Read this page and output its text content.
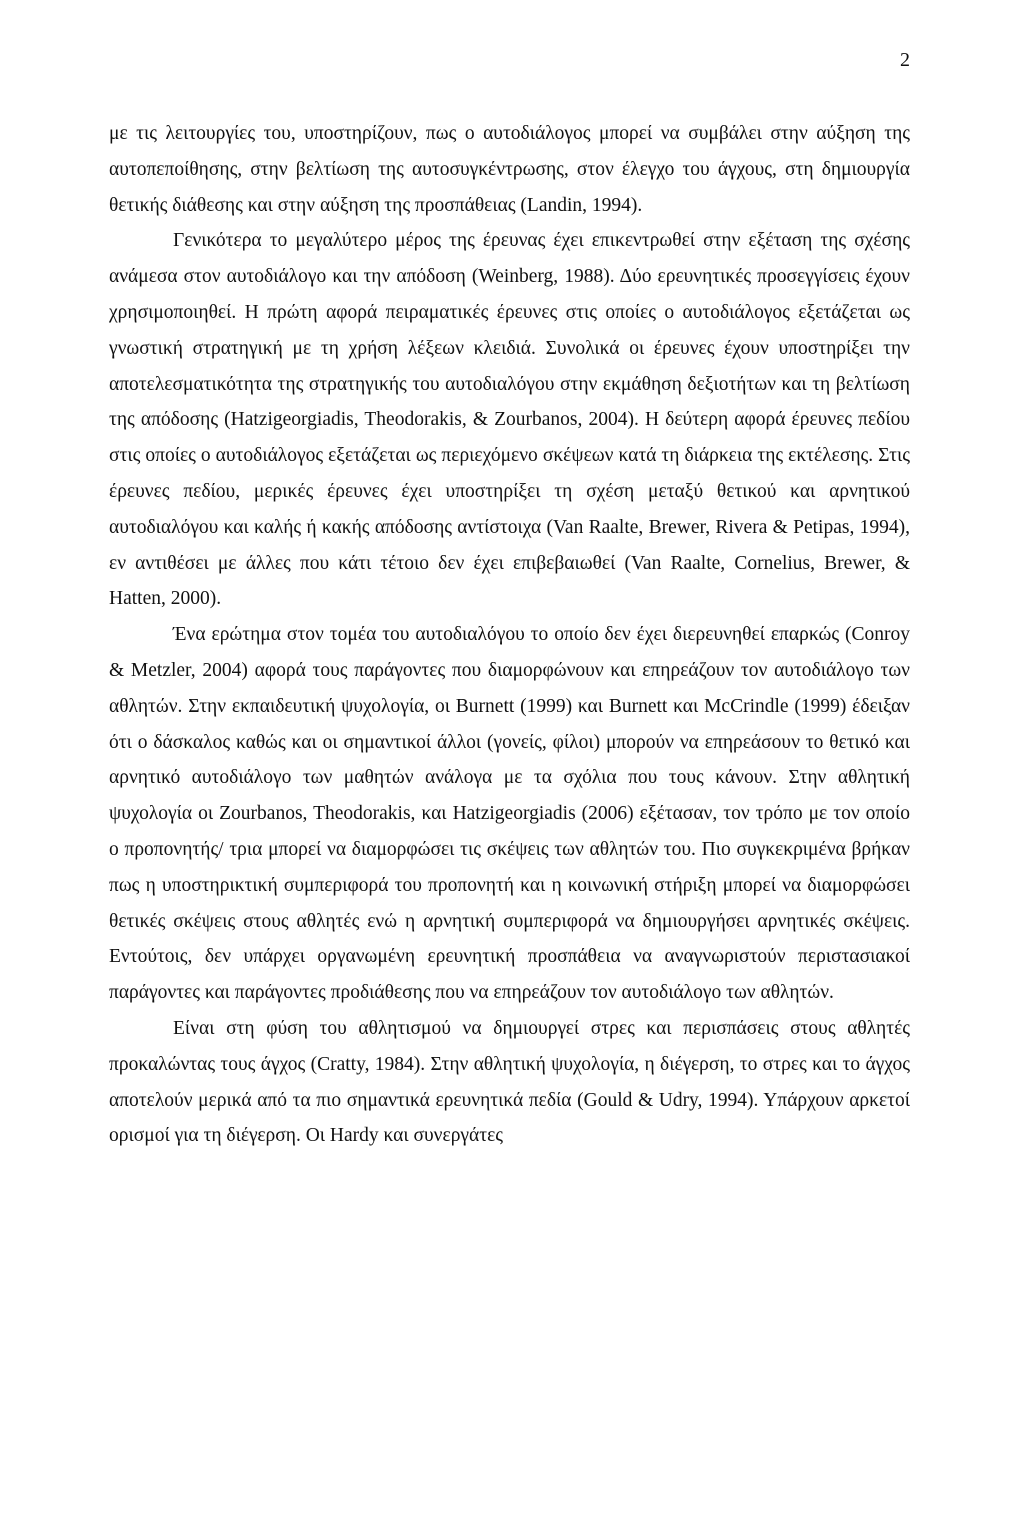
2

με τις λειτουργίες του, υποστηρίζουν, πως ο αυτοδιάλογος μπορεί να συμβάλει στην αύξηση της αυτοπεποίθησης, στην βελτίωση της αυτοσυγκέντρωσης, στον έλεγχο του άγχους, στη δημιουργία θετικής διάθεσης και στην αύξηση της προσπάθειας (Landin, 1994).

Γενικότερα το μεγαλύτερο μέρος της έρευνας έχει επικεντρωθεί στην εξέταση της σχέσης ανάμεσα στον αυτοδιάλογο και την απόδοση (Weinberg, 1988). Δύο ερευνητικές προσεγγίσεις έχουν χρησιμοποιηθεί. Η πρώτη αφορά πειραματικές έρευνες στις οποίες ο αυτοδιάλογος εξετάζεται ως γνωστική στρατηγική με τη χρήση λέξεων κλειδιά. Συνολικά οι έρευνες έχουν υποστηρίξει την αποτελεσματικότητα της στρατηγικής του αυτοδιαλόγου στην εκμάθηση δεξιοτήτων και τη βελτίωση της απόδοσης (Hatzigeorgiadis, Theodorakis, & Zourbanos, 2004). Η δεύτερη αφορά έρευνες πεδίου στις οποίες ο αυτοδιάλογος εξετάζεται ως περιεχόμενο σκέψεων κατά τη διάρκεια της εκτέλεσης. Στις έρευνες πεδίου, μερικές έρευνες έχει υποστηρίξει τη σχέση μεταξύ θετικού και αρνητικού αυτοδιαλόγου και καλής ή κακής απόδοσης αντίστοιχα (Van Raalte, Brewer, Rivera & Petipas, 1994), εν αντιθέσει με άλλες που κάτι τέτοιο δεν έχει επιβεβαιωθεί (Van Raalte, Cornelius, Brewer, & Hatten, 2000).

Ένα ερώτημα στον τομέα του αυτοδιαλόγου το οποίο δεν έχει διερευνηθεί επαρκώς (Conroy & Metzler, 2004) αφορά τους παράγοντες που διαμορφώνουν και επηρεάζουν τον αυτοδιάλογο των αθλητών. Στην εκπαιδευτική ψυχολογία, οι Burnett (1999) και Burnett και McCrindle (1999) έδειξαν ότι ο δάσκαλος καθώς και οι σημαντικοί άλλοι (γονείς, φίλοι) μπορούν να επηρεάσουν το θετικό και αρνητικό αυτοδιάλογο των μαθητών ανάλογα με τα σχόλια που τους κάνουν. Στην αθλητική ψυχολογία οι Zourbanos, Theodorakis, και Hatzigeorgiadis (2006) εξέτασαν, τον τρόπο με τον οποίο ο προπονητής/ τρια μπορεί να διαμορφώσει τις σκέψεις των αθλητών του. Πιο συγκεκριμένα βρήκαν πως η υποστηρικτική συμπεριφορά του προπονητή και η κοινωνική στήριξη μπορεί να διαμορφώσει θετικές σκέψεις στους αθλητές ενώ η αρνητική συμπεριφορά να δημιουργήσει αρνητικές σκέψεις. Εντούτοις, δεν υπάρχει οργανωμένη ερευνητική προσπάθεια να αναγνωριστούν περιστασιακοί παράγοντες και παράγοντες προδιάθεσης που να επηρεάζουν τον αυτοδιάλογο των αθλητών.

Είναι στη φύση του αθλητισμού να δημιουργεί στρες και περισπάσεις στους αθλητές προκαλώντας τους άγχος (Cratty, 1984). Στην αθλητική ψυχολογία, η διέγερση, το στρες και το άγχος αποτελούν μερικά από τα πιο σημαντικά ερευνητικά πεδία (Gould & Udry, 1994). Υπάρχουν αρκετοί ορισμοί για τη διέγερση. Οι Hardy και συνεργάτες
